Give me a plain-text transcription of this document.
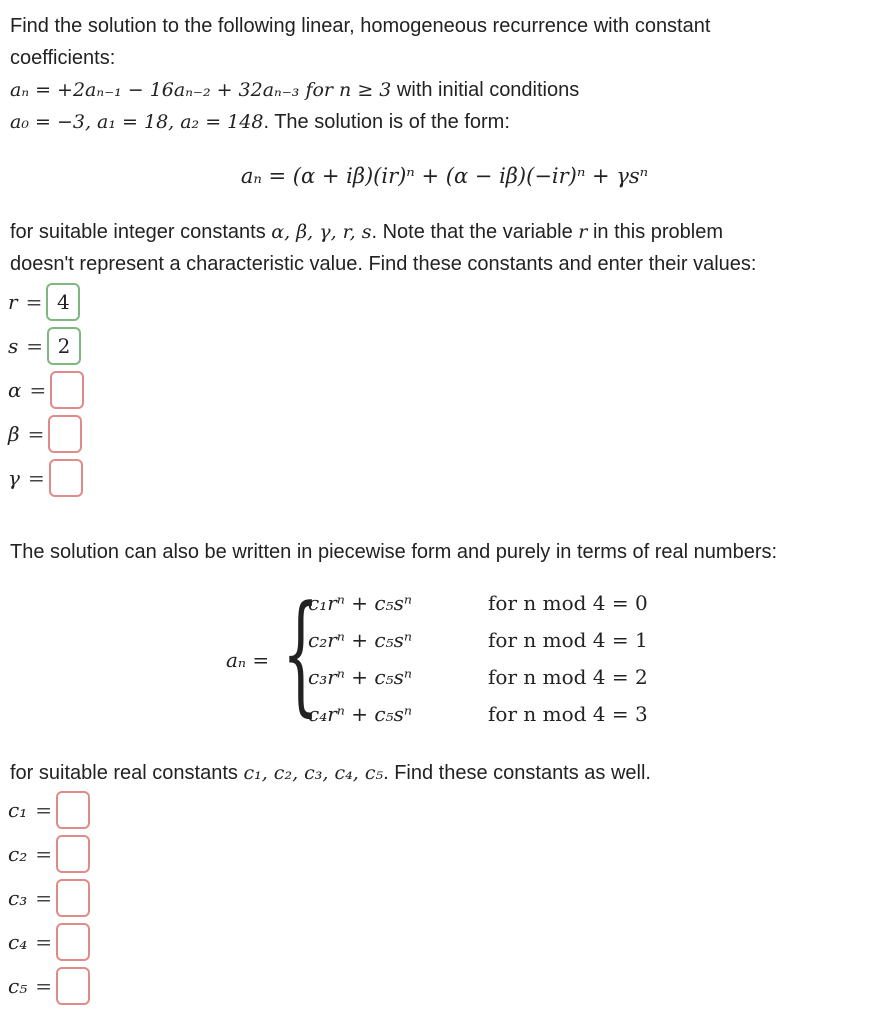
Find the solution to the following linear, homogeneous recurrence with constant
coefficients:
aₙ = +2aₙ₋₁ − 16aₙ₋₂ + 32aₙ₋₃ for n ≥ 3 with initial conditions
a₀ = −3, a₁ = 18, a₂ = 148. The solution is of the form:
aₙ = (α + iβ)(ir)ⁿ + (α − iβ)(−ir)ⁿ + γsⁿ
for suitable integer constants α, β, γ, r, s. Note that the variable r in this problem
doesn't represent a characteristic value. Find these constants and enter their values:
r = 4
s = 2
α =
β =
γ =
The solution can also be written in piecewise form and purely in terms of real numbers:
aₙ = {
c₁rⁿ + c₅sⁿ	for n mod 4 = 0
c₂rⁿ + c₅sⁿ	for n mod 4 = 1
c₃rⁿ + c₅sⁿ	for n mod 4 = 2
c₄rⁿ + c₅sⁿ	for n mod 4 = 3
for suitable real constants c₁, c₂, c₃, c₄, c₅. Find these constants as well.
c₁ =
c₂ =
c₃ =
c₄ =
c₅ =
